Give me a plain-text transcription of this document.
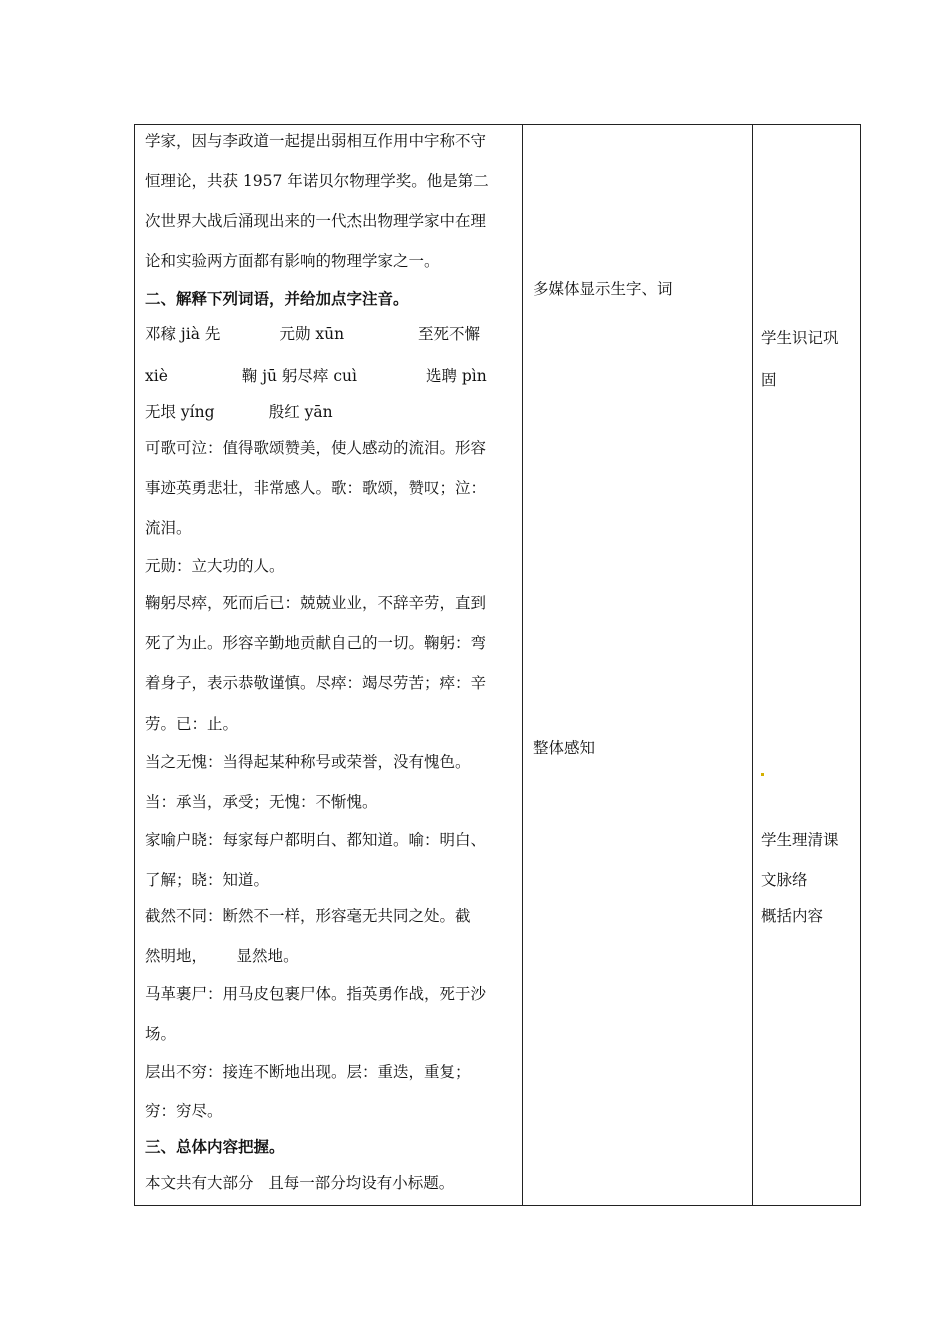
学家，因与李政道一起提出弱相互作用中宇称不守
恒理论，共获 1957 年诺贝尔物理学奖。他是第二
次世界大战后涌现出来的一代杰出物理学家中在理
论和实验两方面都有影响的物理学家之一。
二、解释下列词语，并给加点字注音。
邓稼 jià 先            元勋 xūn               至死不懈
xiè               鞠 jū 躬尽瘁 cuì              选聘 pìn
无垠 yíng           殷红 yān
可歌可泣：值得歌颂赞美，使人感动的流泪。形容
事迹英勇悲壮，非常感人。歌：歌颂，赞叹；泣：
流泪。
元勋：立大功的人。
鞠躬尽瘁，死而后已：兢兢业业，不辞辛劳，直到
死了为止。形容辛勤地贡献自己的一切。鞠躬：弯
着身子，表示恭敬谨慎。尽瘁：竭尽劳苦；瘁：辛
劳。已：止。
当之无愧：当得起某种称号或荣誉，没有愧色。
当：承当，承受；无愧：不惭愧。
家喻户晓：每家每户都明白、都知道。喻：明白、
了解；晓：知道。
截然不同：断然不一样，形容毫无共同之处。截
然明地，      显然地。
马革裹尸：用马皮包裹尸体。指英勇作战，死于沙
场。
层出不穷：接连不断地出现。层：重迭，重复；
穷：穷尽。
三、总体内容把握。
本文共有大部分   且每一部分均设有小标题。
多媒体显示生字、词
整体感知
学生识记巩
固
学生理清课
文脉络
概括内容
